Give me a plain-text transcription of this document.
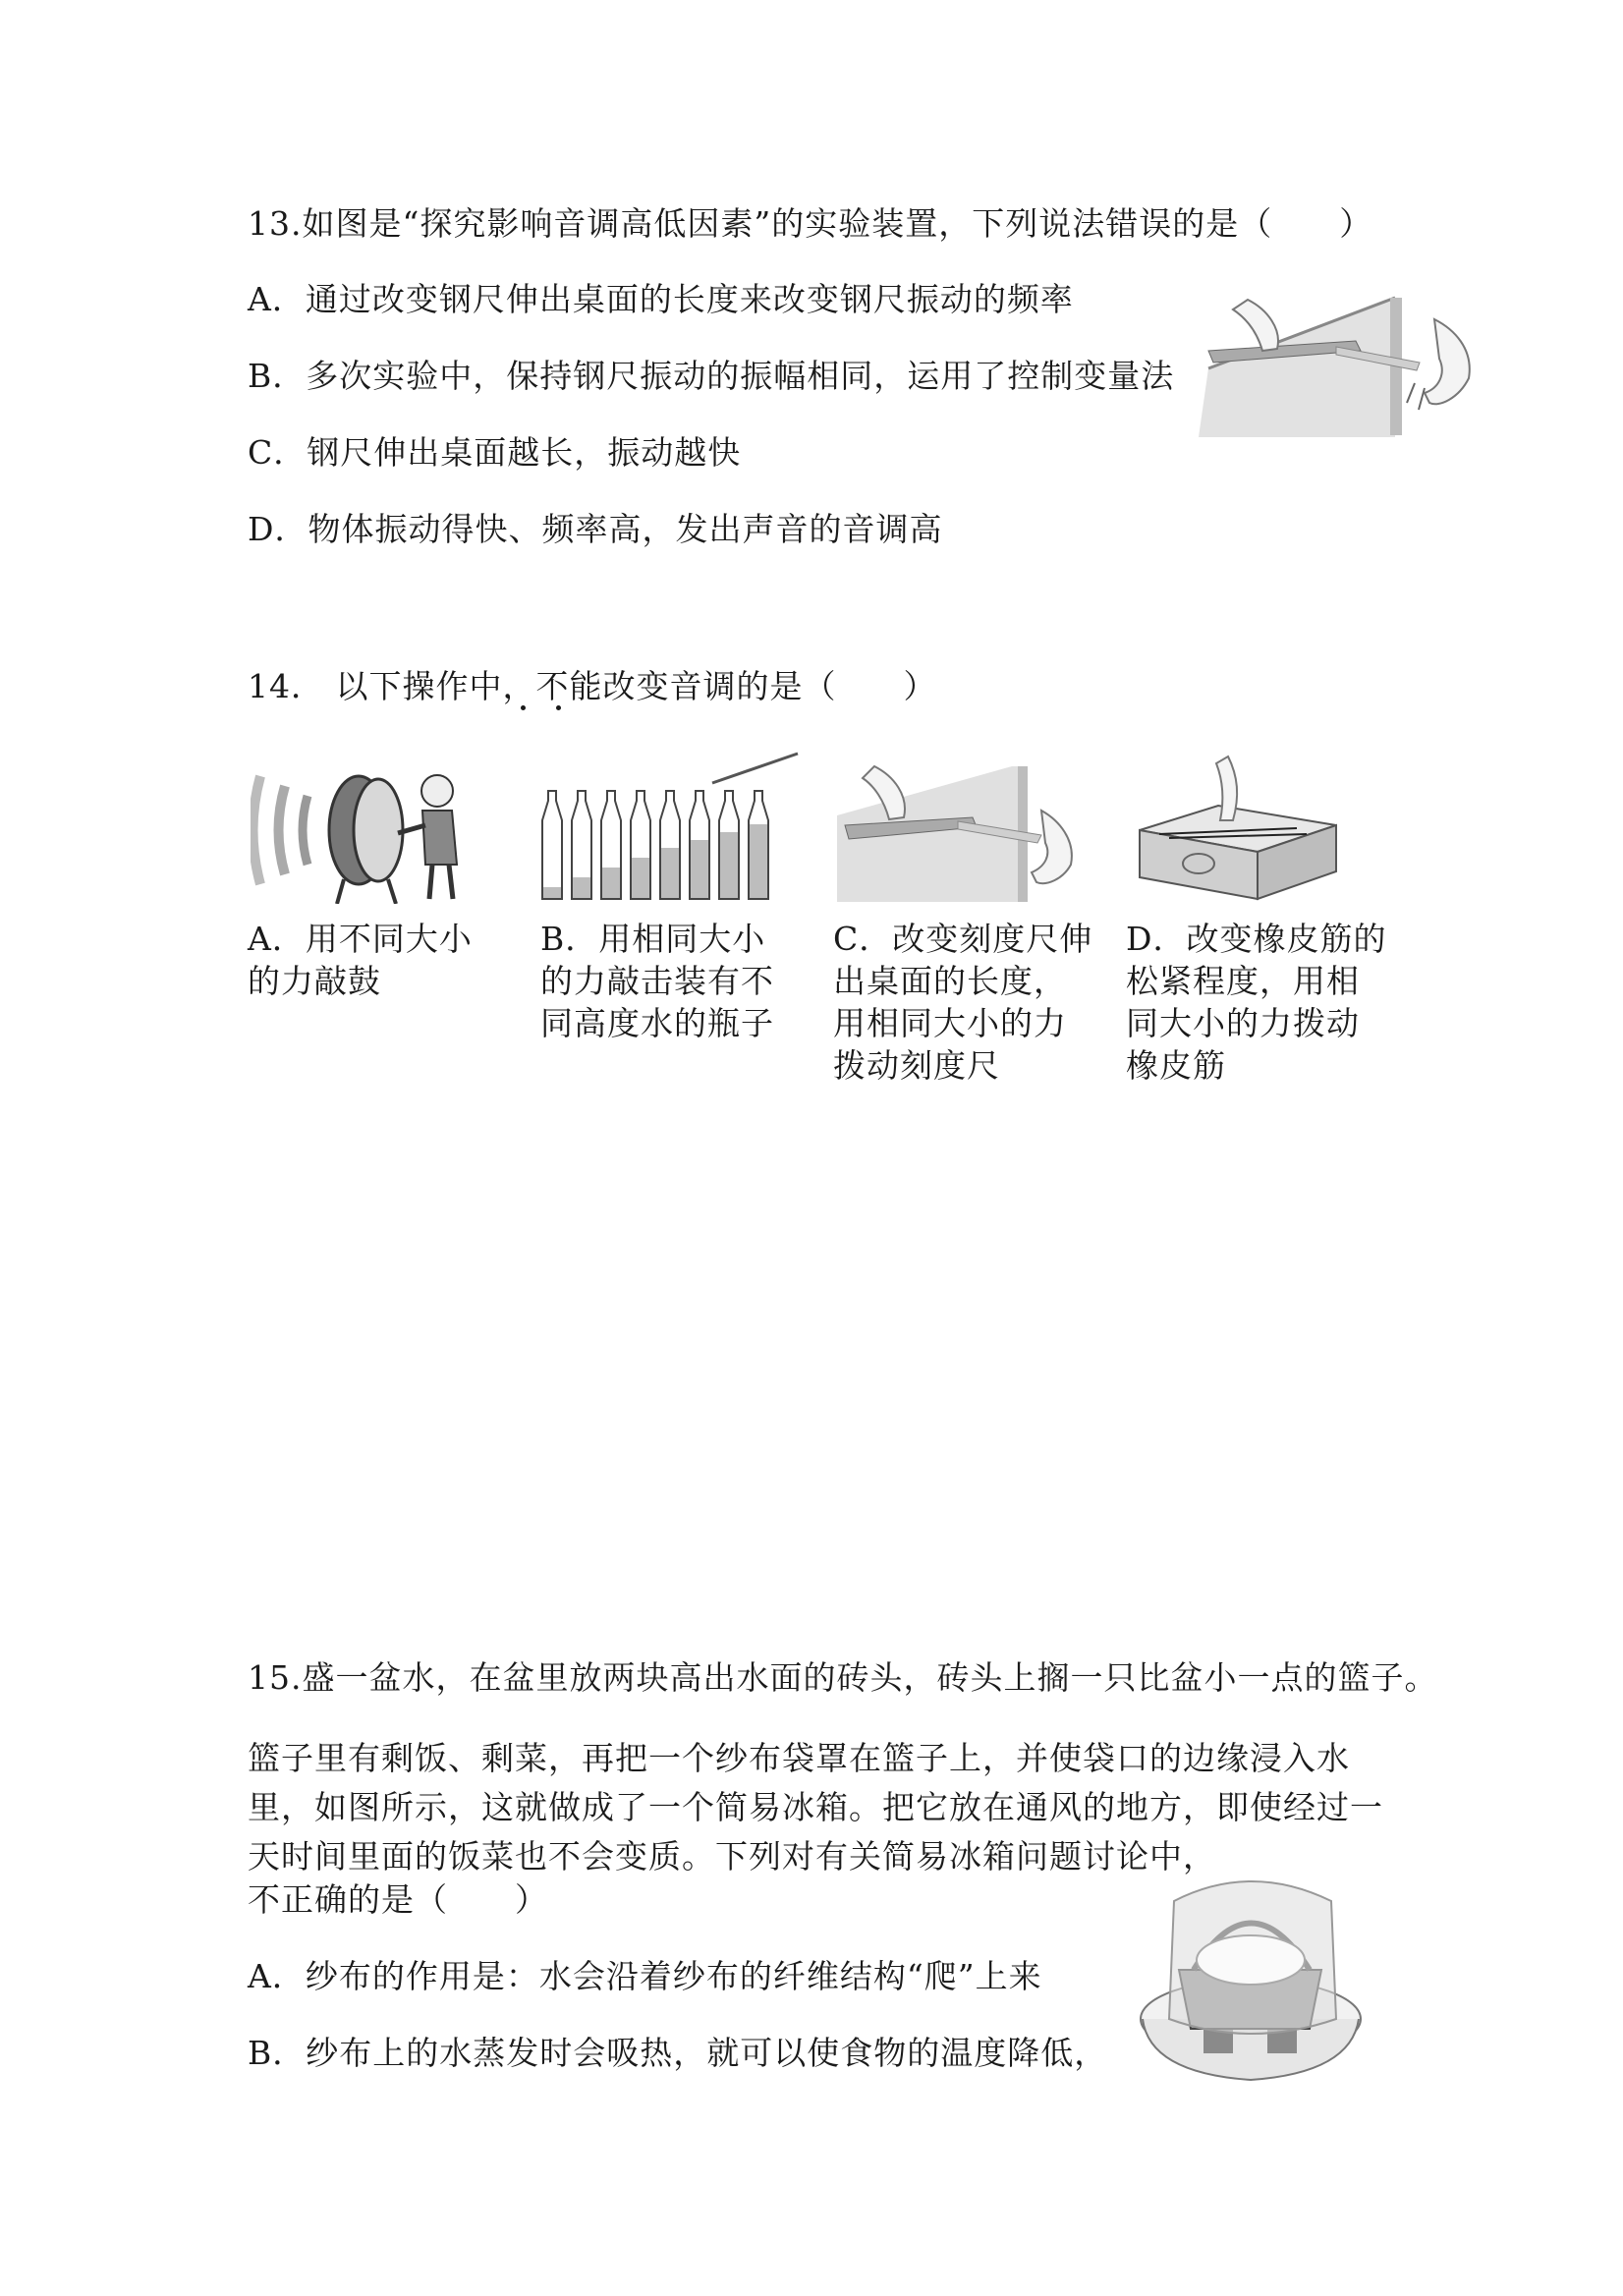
13.如图是“探究影响音调高低因素”的实验装置，下列说法错误的是（　　）
A．通过改变钢尺伸出桌面的长度来改变钢尺振动的频率
B．多次实验中，保持钢尺振动的振幅相同，运用了控制变量法
C．钢尺伸出桌面越长，振动越快
D．物体振动得快、频率高，发出声音的音调高
14． 以下操作中，不能改变音调的是（　　）
A．用不同大小的力敲鼓
B．用相同大小的力敲击装有不同高度水的瓶子
C．改变刻度尺伸出桌面的长度，用相同大小的力拨动刻度尺
D．改变橡皮筋的松紧程度，用相同大小的力拨动橡皮筋
15.盛一盆水，在盆里放两块高出水面的砖头，砖头上搁一只比盆小一点的篮子。
篮子里有剩饭、剩菜，再把一个纱布袋罩在篮子上，并使袋口的边缘浸入水里，如图所示，这就做成了一个简易冰箱。把它放在通风的地方，即使经过一天时间里面的饭菜也不会变质。下列对有关简易冰箱问题讨论中，
不正确的是（　　）
A．纱布的作用是：水会沿着纱布的纤维结构“爬”上来
B．纱布上的水蒸发时会吸热，就可以使食物的温度降低，
